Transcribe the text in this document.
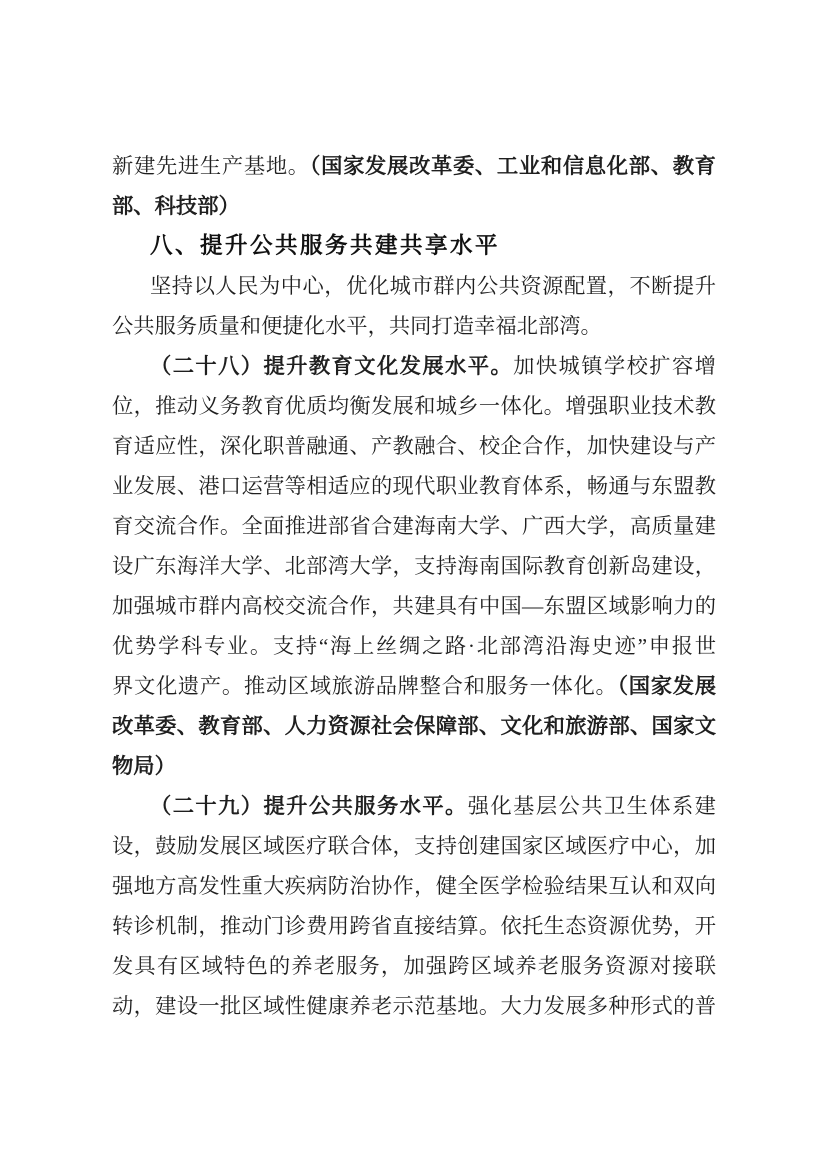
新建先进生产基地。（国家发展改革委、工业和信息化部、教育
部、科技部）
八、提升公共服务共建共享水平
坚持以人民为中心，优化城市群内公共资源配置，不断提升
公共服务质量和便捷化水平，共同打造幸福北部湾。
（二十八）提升教育文化发展水平。加快城镇学校扩容增
位，推动义务教育优质均衡发展和城乡一体化。增强职业技术教
育适应性，深化职普融通、产教融合、校企合作，加快建设与产
业发展、港口运营等相适应的现代职业教育体系，畅通与东盟教
育交流合作。全面推进部省合建海南大学、广西大学，高质量建
设广东海洋大学、北部湾大学，支持海南国际教育创新岛建设，
加强城市群内高校交流合作，共建具有中国—东盟区域影响力的
优势学科专业。支持“海上丝绸之路·北部湾沿海史迹”申报世
界文化遗产。推动区域旅游品牌整合和服务一体化。（国家发展
改革委、教育部、人力资源社会保障部、文化和旅游部、国家文
物局）
（二十九）提升公共服务水平。强化基层公共卫生体系建
设，鼓励发展区域医疗联合体，支持创建国家区域医疗中心，加
强地方高发性重大疾病防治协作，健全医学检验结果互认和双向
转诊机制，推动门诊费用跨省直接结算。依托生态资源优势，开
发具有区域特色的养老服务，加强跨区域养老服务资源对接联
动，建设一批区域性健康养老示范基地。大力发展多种形式的普
